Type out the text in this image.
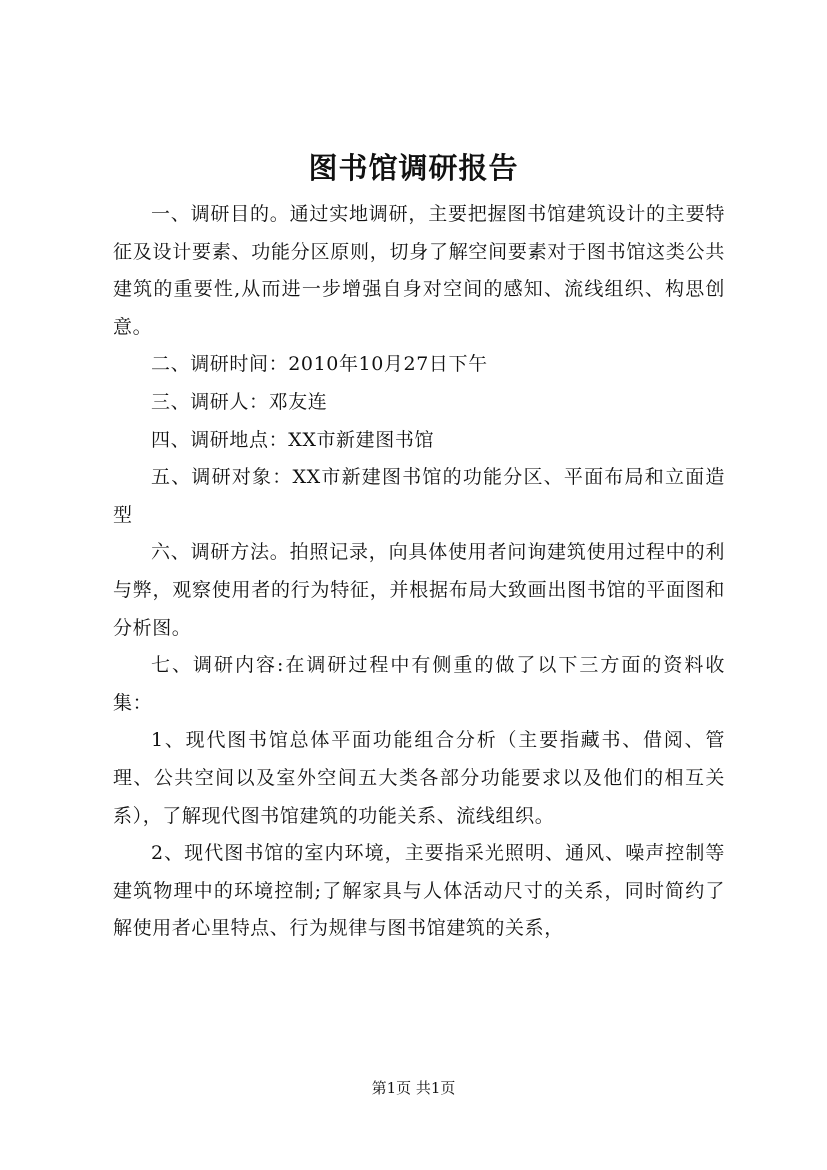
图书馆调研报告

一、调研目的。通过实地调研，主要把握图书馆建筑设计的主要特征及设计要素、功能分区原则，切身了解空间要素对于图书馆这类公共建筑的重要性,从而进一步增强自身对空间的感知、流线组织、构思创意。

二、调研时间：2010年10月27日下午

三、调研人：邓友连

四、调研地点：XX市新建图书馆

五、调研对象：XX市新建图书馆的功能分区、平面布局和立面造型

六、调研方法。拍照记录，向具体使用者问询建筑使用过程中的利与弊，观察使用者的行为特征，并根据布局大致画出图书馆的平面图和分析图。

七、调研内容:在调研过程中有侧重的做了以下三方面的资料收集：

1、现代图书馆总体平面功能组合分析（主要指藏书、借阅、管理、公共空间以及室外空间五大类各部分功能要求以及他们的相互关系），了解现代图书馆建筑的功能关系、流线组织。

2、现代图书馆的室内环境，主要指采光照明、通风、噪声控制等建筑物理中的环境控制;了解家具与人体活动尺寸的关系，同时简约了解使用者心里特点、行为规律与图书馆建筑的关系，

第1页 共1页
